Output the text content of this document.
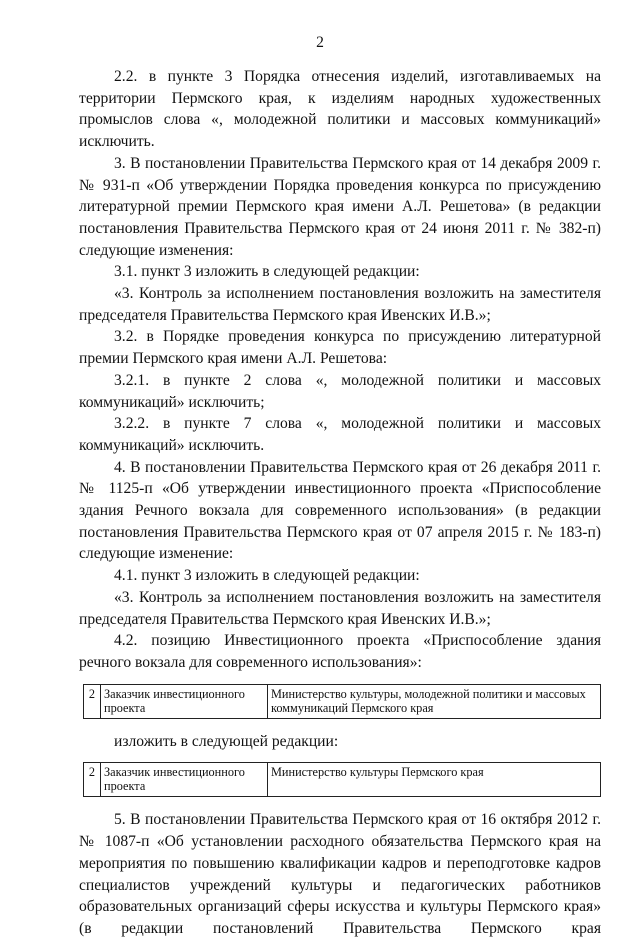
2

2.2. в пункте 3 Порядка отнесения изделий, изготавливаемых на территории Пермского края, к изделиям народных художественных промыслов слова «, молодежной политики и массовых коммуникаций» исключить.

3. В постановлении Правительства Пермского края от 14 декабря 2009 г. № 931-п «Об утверждении Порядка проведения конкурса по присуждению литературной премии Пермского края имени А.Л. Решетова» (в редакции постановления Правительства Пермского края от 24 июня 2011 г. № 382-п) следующие изменения:

3.1. пункт 3 изложить в следующей редакции:

«3. Контроль за исполнением постановления возложить на заместителя председателя Правительства Пермского края Ивенских И.В.»;

3.2. в Порядке проведения конкурса по присуждению литературной премии Пермского края имени А.Л. Решетова:

3.2.1. в пункте 2 слова «, молодежной политики и массовых коммуникаций» исключить;

3.2.2. в пункте 7 слова «, молодежной политики и массовых коммуникаций» исключить.

4. В постановлении Правительства Пермского края от 26 декабря 2011 г. № 1125-п «Об утверждении инвестиционного проекта «Приспособление здания Речного вокзала для современного использования» (в редакции постановления Правительства Пермского края от 07 апреля 2015 г. № 183-п) следующие изменение:

4.1. пункт 3 изложить в следующей редакции:

«3. Контроль за исполнением постановления возложить на заместителя председателя Правительства Пермского края Ивенских И.В.»;

4.2. позицию Инвестиционного проекта «Приспособление здания речного вокзала для современного использования»:

2	Заказчик инвестиционного проекта	Министерство культуры, молодежной политики и массовых коммуникаций Пермского края

изложить в следующей редакции:

2	Заказчик инвестиционного проекта	Министерство культуры Пермского края

5. В постановлении Правительства Пермского края от 16 октября 2012 г. № 1087-п «Об установлении расходного обязательства Пермского края на мероприятия по повышению квалификации кадров и переподготовке кадров специалистов учреждений культуры и педагогических работников образовательных организаций сферы искусства и культуры Пермского края» (в редакции постановлений Правительства Пермского края
